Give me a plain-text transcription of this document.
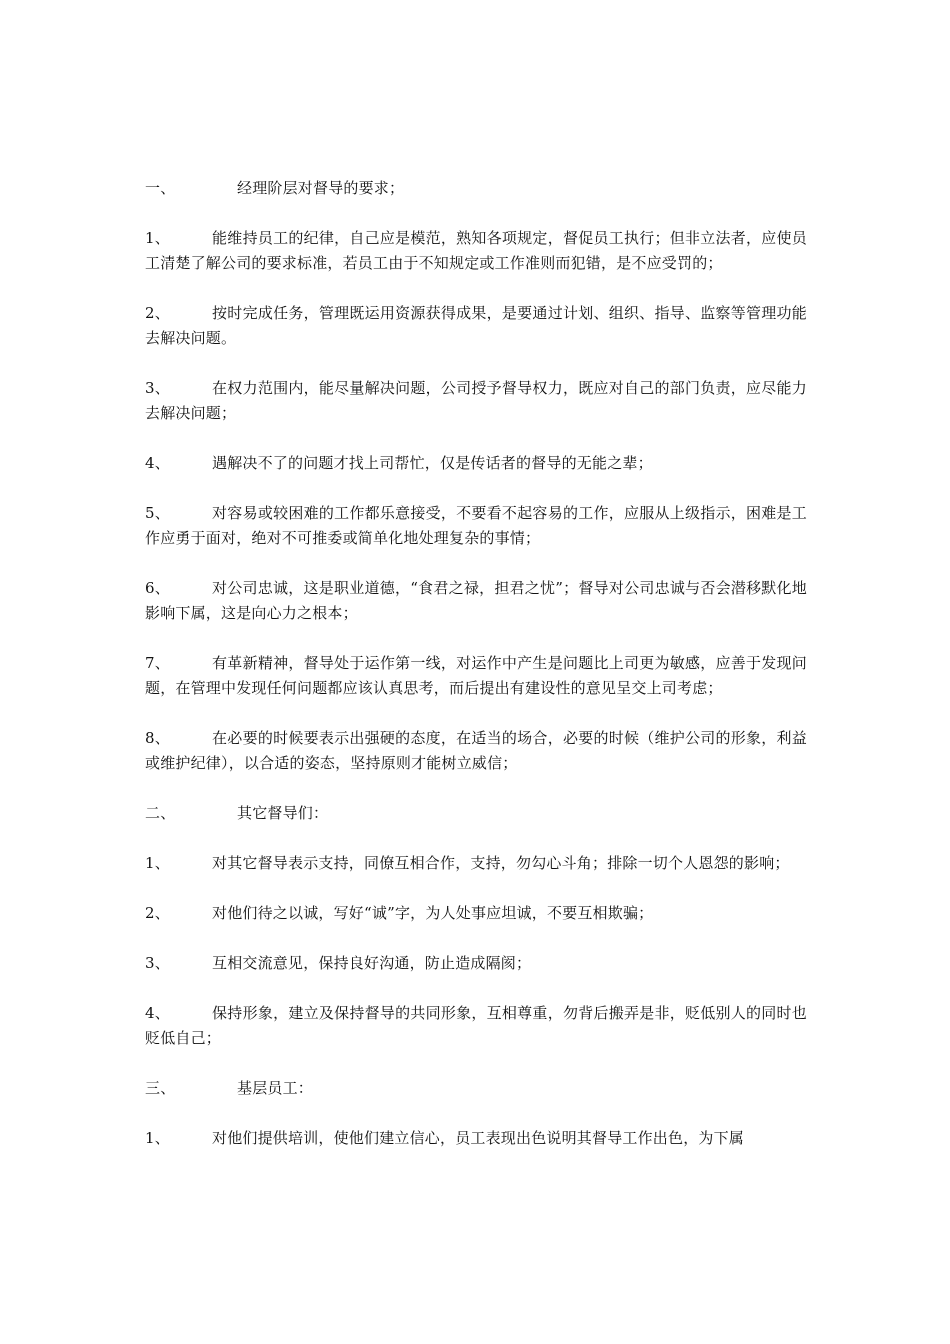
一、	经理阶层对督导的要求；

1、	能维持员工的纪律，自己应是模范，熟知各项规定，督促员工执行；但非立法者，应使员工清楚了解公司的要求标准，若员工由于不知规定或工作准则而犯错，是不应受罚的；

2、	按时完成任务，管理既运用资源获得成果，是要通过计划、组织、指导、监察等管理功能去解决问题。

3、	在权力范围内，能尽量解决问题，公司授予督导权力，既应对自己的部门负责，应尽能力去解决问题；

4、	遇解决不了的问题才找上司帮忙，仅是传话者的督导的无能之辈；

5、	对容易或较困难的工作都乐意接受，不要看不起容易的工作，应服从上级指示，困难是工作应勇于面对，绝对不可推委或简单化地处理复杂的事情；

6、	对公司忠诚，这是职业道德，“食君之禄，担君之忧”；督导对公司忠诚与否会潜移默化地影响下属，这是向心力之根本；

7、	有革新精神，督导处于运作第一线，对运作中产生是问题比上司更为敏感，应善于发现问题，在管理中发现任何问题都应该认真思考，而后提出有建设性的意见呈交上司考虑；

8、	在必要的时候要表示出强硬的态度，在适当的场合，必要的时候（维护公司的形象，利益或维护纪律），以合适的姿态，坚持原则才能树立威信；

二、	其它督导们：

1、	对其它督导表示支持，同僚互相合作，支持，勿勾心斗角；排除一切个人恩怨的影响；

2、	对他们待之以诚，写好“诚”字，为人处事应坦诚，不要互相欺骗；

3、	互相交流意见，保持良好沟通，防止造成隔阂；

4、	保持形象，建立及保持督导的共同形象，互相尊重，勿背后搬弄是非，贬低别人的同时也贬低自己；

三、	基层员工：

1、	对他们提供培训，使他们建立信心，员工表现出色说明其督导工作出色，为下属
